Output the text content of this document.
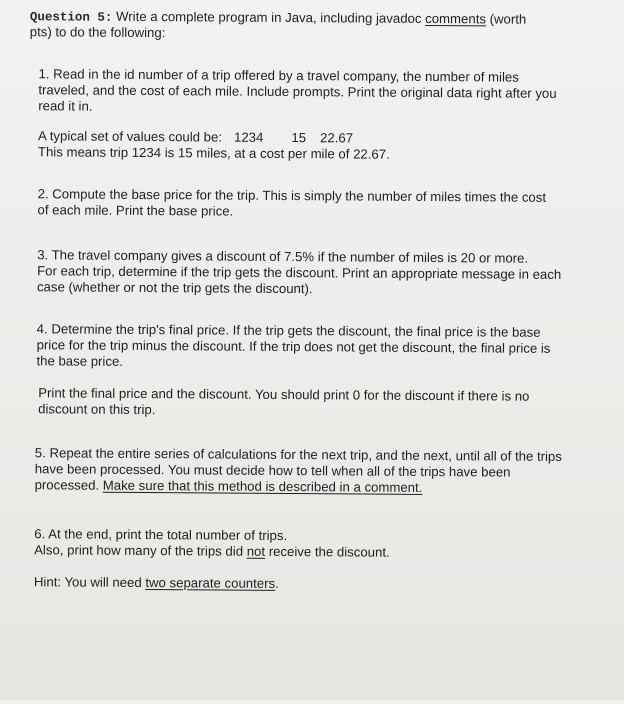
Question 5: Write a complete program in Java, including javadoc comments (worth
pts) to do the following:
1. Read in the id number of a trip offered by a travel company, the number of miles
traveled, and the cost of each mile. Include prompts. Print the original data right after you
read it in.
A typical set of values could be: 1234 15 22.67
This means trip 1234 is 15 miles, at a cost per mile of 22.67.
2. Compute the base price for the trip. This is simply the number of miles times the cost
of each mile. Print the base price.
3. The travel company gives a discount of 7.5% if the number of miles is 20 or more.
For each trip, determine if the trip gets the discount. Print an appropriate message in each
case (whether or not the trip gets the discount).
4. Determine the trip's final price. If the trip gets the discount, the final price is the base
price for the trip minus the discount. If the trip does not get the discount, the final price is
the base price.
Print the final price and the discount. You should print 0 for the discount if there is no
discount on this trip.
5. Repeat the entire series of calculations for the next trip, and the next, until all of the trips
have been processed. You must decide how to tell when all of the trips have been
processed. Make sure that this method is described in a comment.
6. At the end, print the total number of trips.
Also, print how many of the trips did not receive the discount.
Hint: You will need two separate counters.
